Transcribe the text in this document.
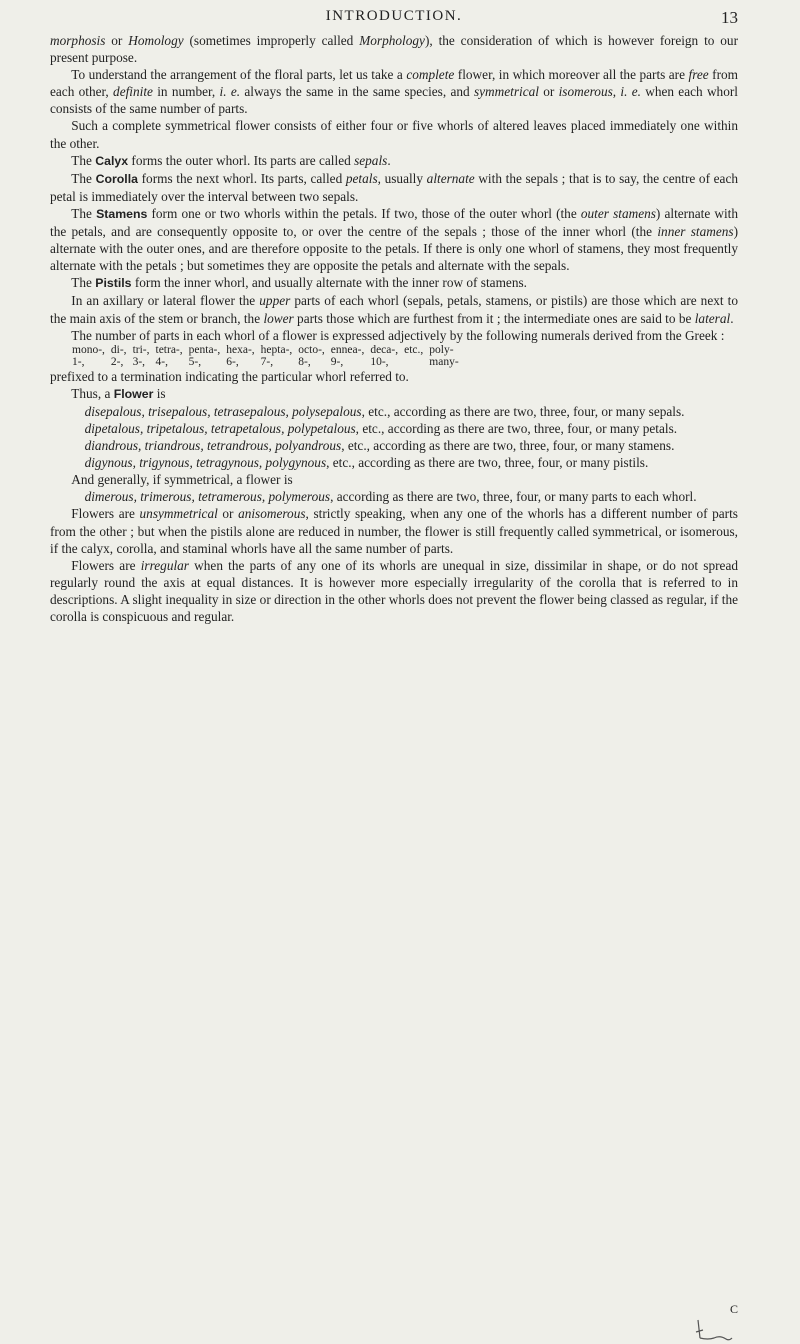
INTRODUCTION.	13

morphosis or Homology (sometimes improperly called Morphology), the consideration of which is however foreign to our present purpose.

To understand the arrangement of the floral parts, let us take a complete flower, in which moreover all the parts are free from each other, definite in number, i. e. always the same in the same species, and symmetrical or isomerous, i. e. when each whorl consists of the same number of parts.

Such a complete symmetrical flower consists of either four or five whorls of altered leaves placed immediately one within the other.

The Calyx forms the outer whorl. Its parts are called sepals.

The Corolla forms the next whorl. Its parts, called petals, usually alternate with the sepals ; that is to say, the centre of each petal is immediately over the interval between two sepals.

The Stamens form one or two whorls within the petals. If two, those of the outer whorl (the outer stamens) alternate with the petals, and are consequently opposite to, or over the centre of the sepals ; those of the inner whorl (the inner stamens) alternate with the outer ones, and are therefore opposite to the petals. If there is only one whorl of stamens, they most frequently alternate with the petals ; but sometimes they are opposite the petals and alternate with the sepals.

The Pistils form the inner whorl, and usually alternate with the inner row of stamens.

In an axillary or lateral flower the upper parts of each whorl (sepals, petals, stamens, or pistils) are those which are next to the main axis of the stem or branch, the lower parts those which are furthest from it ; the intermediate ones are said to be lateral.

The number of parts in each whorl of a flower is expressed adjectively by the following numerals derived from the Greek :

mono-,	di-,	tri-,	tetra-,	penta-,	hexa-,	hepta-,	octo-,	ennea-,	deca-,	etc.,	poly-
1-,	2-,	3-,	4-,	5-,	6-,	7-,	8-,	9-,	10-,		many-

prefixed to a termination indicating the particular whorl referred to.

Thus, a Flower is

disepalous, trisepalous, tetrasepalous, polysepalous, etc., according as there are two, three, four, or many sepals.

dipetalous, tripetalous, tetrapetalous, polypetalous, etc., according as there are two, three, four, or many petals.

diandrous, triandrous, tetrandrous, polyandrous, etc., according as there are two, three, four, or many stamens.

digynous, trigynous, tetragynous, polygynous, etc., according as there are two, three, four, or many pistils.

And generally, if symmetrical, a flower is

dimerous, trimerous, tetramerous, polymerous, according as there are two, three, four, or many parts to each whorl.

Flowers are unsymmetrical or anisomerous, strictly speaking, when any one of the whorls has a different number of parts from the other ; but when the pistils alone are reduced in number, the flower is still frequently called symmetrical, or isomerous, if the calyx, corolla, and staminal whorls have all the same number of parts.

Flowers are irregular when the parts of any one of its whorls are unequal in size, dissimilar in shape, or do not spread regularly round the axis at equal distances. It is however more especially irregularity of the corolla that is referred to in descriptions. A slight inequality in size or direction in the other whorls does not prevent the flower being classed as regular, if the corolla is conspicuous and regular.

C
